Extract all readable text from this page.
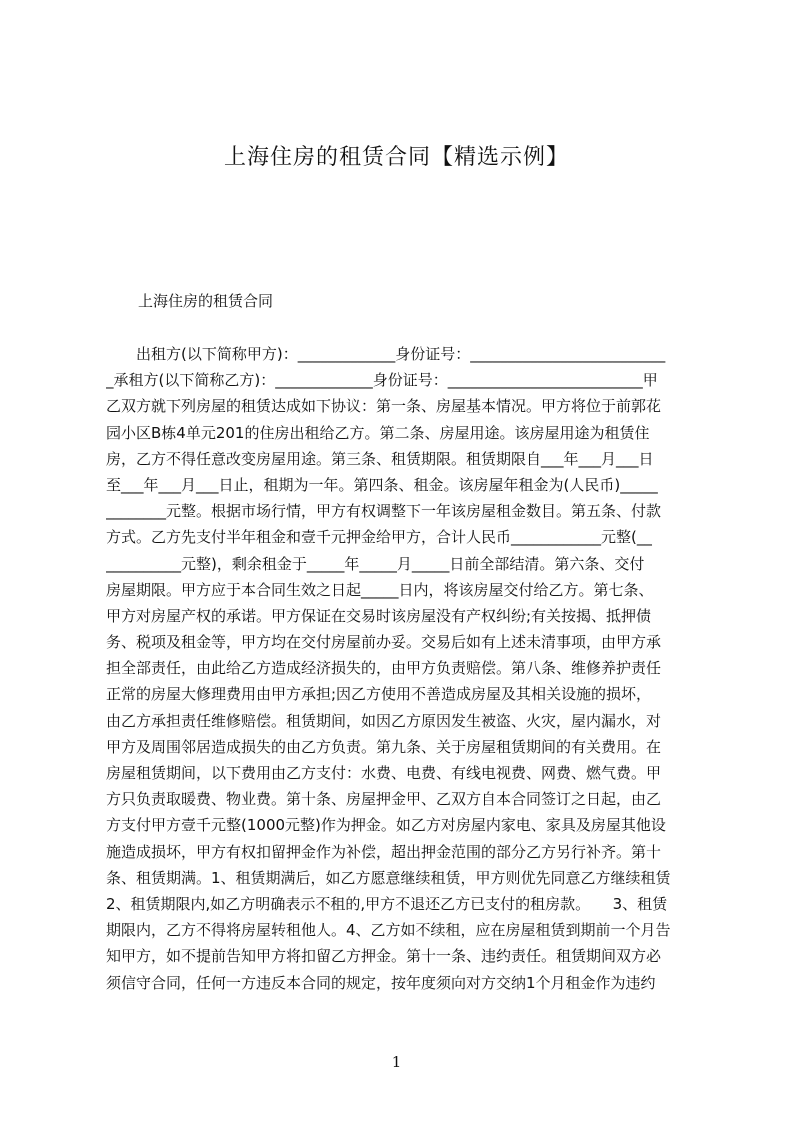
上海住房的租赁合同【精选示例】
上海住房的租赁合同
　　出租方(以下简称甲方)：_____________身份证号：__________________________
_承租方(以下简称乙方)：_____________身份证号：__________________________甲
乙双方就下列房屋的租赁达成如下协议：第一条、房屋基本情况。甲方将位于前郭花
园小区B栋4单元201的住房出租给乙方。第二条、房屋用途。该房屋用途为租赁住
房，乙方不得任意改变房屋用途。第三条、租赁期限。租赁期限自___年___月___日
至___年___月___日止，租期为一年。第四条、租金。该房屋年租金为(人民币)_____
________元整。根据市场行情，甲方有权调整下一年该房屋租金数目。第五条、付款
方式。乙方先支付半年租金和壹千元押金给甲方，合计人民币____________元整(__
__________元整)，剩余租金于_____年_____月_____日前全部结清。第六条、交付
房屋期限。甲方应于本合同生效之日起_____日内，将该房屋交付给乙方。第七条、
甲方对房屋产权的承诺。甲方保证在交易时该房屋没有产权纠纷;有关按揭、抵押债
务、税项及租金等，甲方均在交付房屋前办妥。交易后如有上述未清事项，由甲方承
担全部责任，由此给乙方造成经济损失的，由甲方负责赔偿。第八条、维修养护责任
正常的房屋大修理费用由甲方承担;因乙方使用不善造成房屋及其相关设施的损坏，
由乙方承担责任维修赔偿。租赁期间，如因乙方原因发生被盗、火灾，屋内漏水，对
甲方及周围邻居造成损失的由乙方负责。第九条、关于房屋租赁期间的有关费用。在
房屋租赁期间，以下费用由乙方支付：水费、电费、有线电视费、网费、燃气费。甲
方只负责取暖费、物业费。第十条、房屋押金甲、乙双方自本合同签订之日起，由乙
方支付甲方壹千元整(1000元整)作为押金。如乙方对房屋内家电、家具及房屋其他设
施造成损坏，甲方有权扣留押金作为补偿，超出押金范围的部分乙方另行补齐。第十
条、租赁期满。1、租赁期满后，如乙方愿意继续租赁，甲方则优先同意乙方继续租赁
2、租赁期限内,如乙方明确表示不租的,甲方不退还乙方已支付的租房款。　　3、租赁
期限内，乙方不得将房屋转租他人。4、乙方如不续租，应在房屋租赁到期前一个月告
知甲方，如不提前告知甲方将扣留乙方押金。第十一条、违约责任。租赁期间双方必
须信守合同，任何一方违反本合同的规定，按年度须向对方交纳1个月租金作为违约
1
